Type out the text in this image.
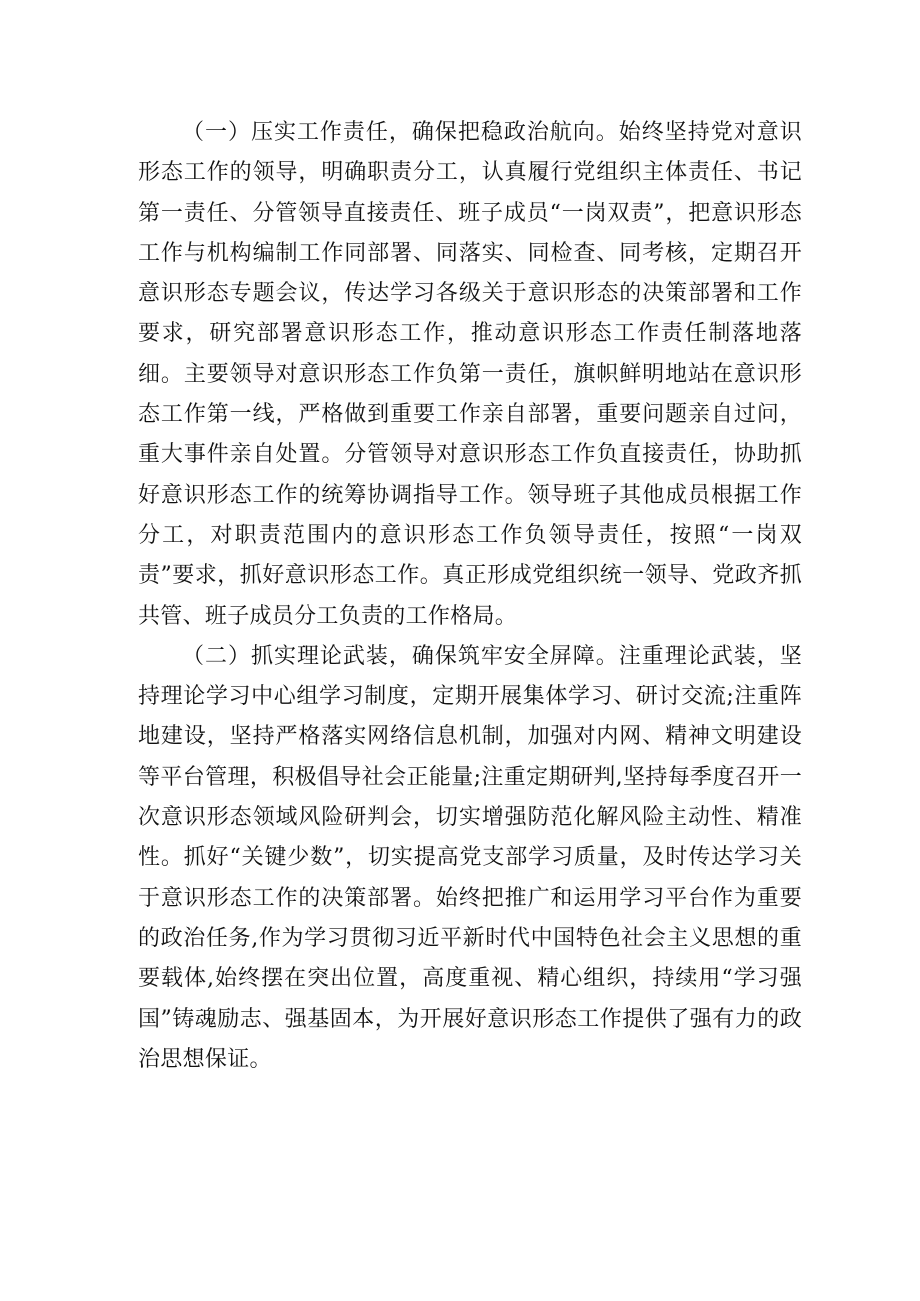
（一）压实工作责任，确保把稳政治航向。始终坚持党对意识形态工作的领导，明确职责分工，认真履行党组织主体责任、书记第一责任、分管领导直接责任、班子成员“一岗双责”，把意识形态工作与机构编制工作同部署、同落实、同检查、同考核，定期召开意识形态专题会议，传达学习各级关于意识形态的决策部署和工作要求，研究部署意识形态工作，推动意识形态工作责任制落地落细。主要领导对意识形态工作负第一责任，旗帜鲜明地站在意识形态工作第一线，严格做到重要工作亲自部署，重要问题亲自过问，重大事件亲自处置。分管领导对意识形态工作负直接责任，协助抓好意识形态工作的统筹协调指导工作。领导班子其他成员根据工作分工，对职责范围内的意识形态工作负领导责任，按照“一岗双责”要求，抓好意识形态工作。真正形成党组织统一领导、党政齐抓共管、班子成员分工负责的工作格局。

（二）抓实理论武装，确保筑牢安全屏障。注重理论武装，坚持理论学习中心组学习制度，定期开展集体学习、研讨交流;注重阵地建设，坚持严格落实网络信息机制，加强对内网、精神文明建设等平台管理，积极倡导社会正能量;注重定期研判,坚持每季度召开一次意识形态领域风险研判会，切实增强防范化解风险主动性、精准性。抓好“关键少数”，切实提高党支部学习质量，及时传达学习关于意识形态工作的决策部署。始终把推广和运用学习平台作为重要的政治任务,作为学习贯彻习近平新时代中国特色社会主义思想的重要载体,始终摆在突出位置，高度重视、精心组织，持续用“学习强国”铸魂励志、强基固本，为开展好意识形态工作提供了强有力的政治思想保证。
